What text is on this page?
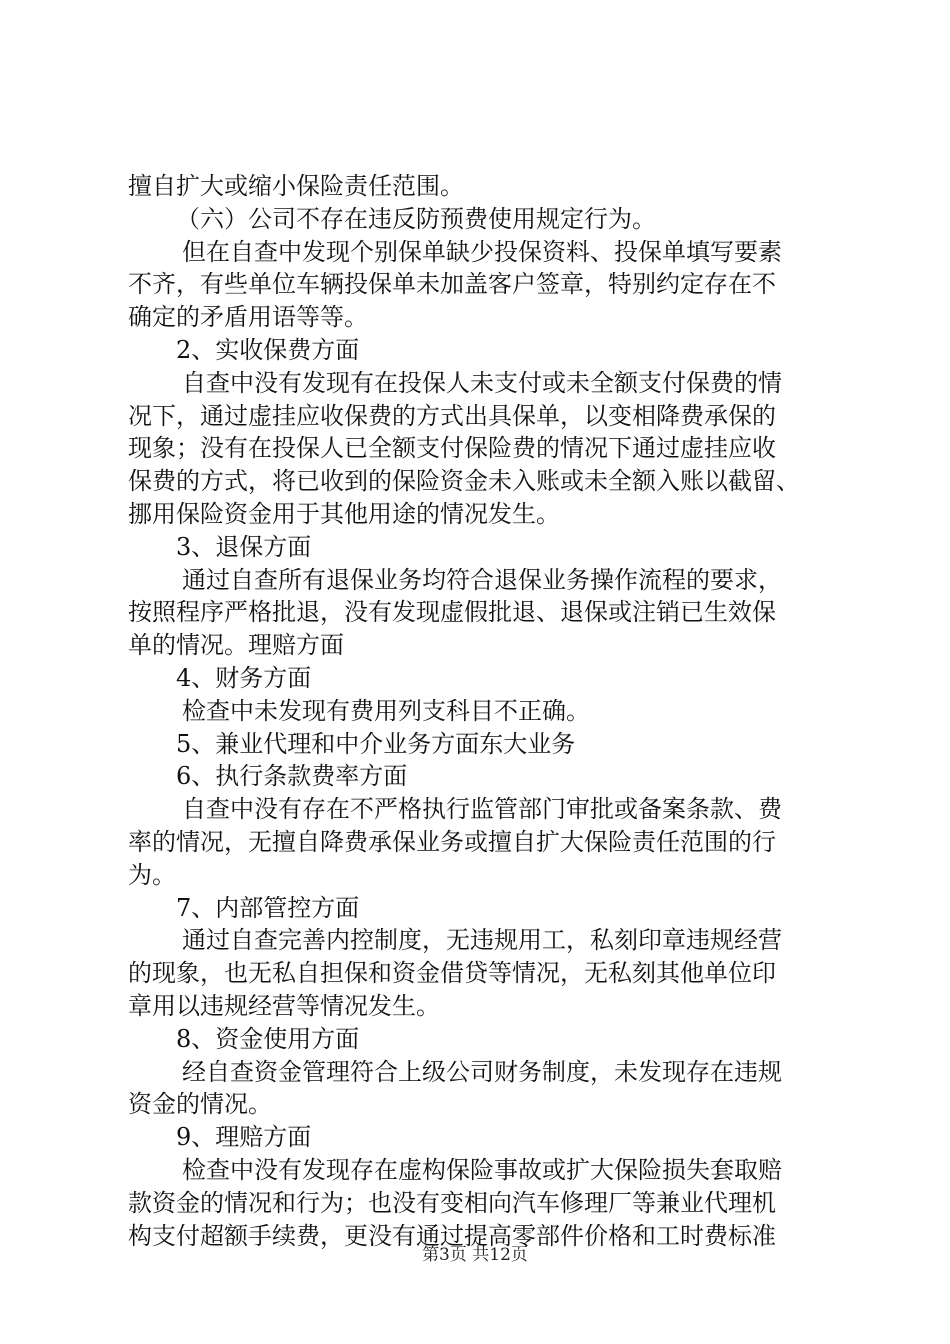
擅自扩大或缩小保险责任范围。
（六）公司不存在违反防预费使用规定行为。
但在自查中发现个别保单缺少投保资料、投保单填写要素
不齐，有些单位车辆投保单未加盖客户签章，特别约定存在不
确定的矛盾用语等等。
2、实收保费方面
自查中没有发现有在投保人未支付或未全额支付保费的情
况下，通过虚挂应收保费的方式出具保单，以变相降费承保的
现象；没有在投保人已全额支付保险费的情况下通过虚挂应收
保费的方式，将已收到的保险资金未入账或未全额入账以截留、
挪用保险资金用于其他用途的情况发生。
3、退保方面
通过自查所有退保业务均符合退保业务操作流程的要求，
按照程序严格批退，没有发现虚假批退、退保或注销已生效保
单的情况。理赔方面
4、财务方面
检查中未发现有费用列支科目不正确。
5、兼业代理和中介业务方面东大业务
6、执行条款费率方面
自查中没有存在不严格执行监管部门审批或备案条款、费
率的情况，无擅自降费承保业务或擅自扩大保险责任范围的行
为。
7、内部管控方面
通过自查完善内控制度，无违规用工，私刻印章违规经营
的现象，也无私自担保和资金借贷等情况，无私刻其他单位印
章用以违规经营等情况发生。
8、资金使用方面
经自查资金管理符合上级公司财务制度，未发现存在违规
资金的情况。
9、理赔方面
检查中没有发现存在虚构保险事故或扩大保险损失套取赔
款资金的情况和行为；也没有变相向汽车修理厂等兼业代理机
构支付超额手续费，更没有通过提高零部件价格和工时费标准
第3页 共12页
